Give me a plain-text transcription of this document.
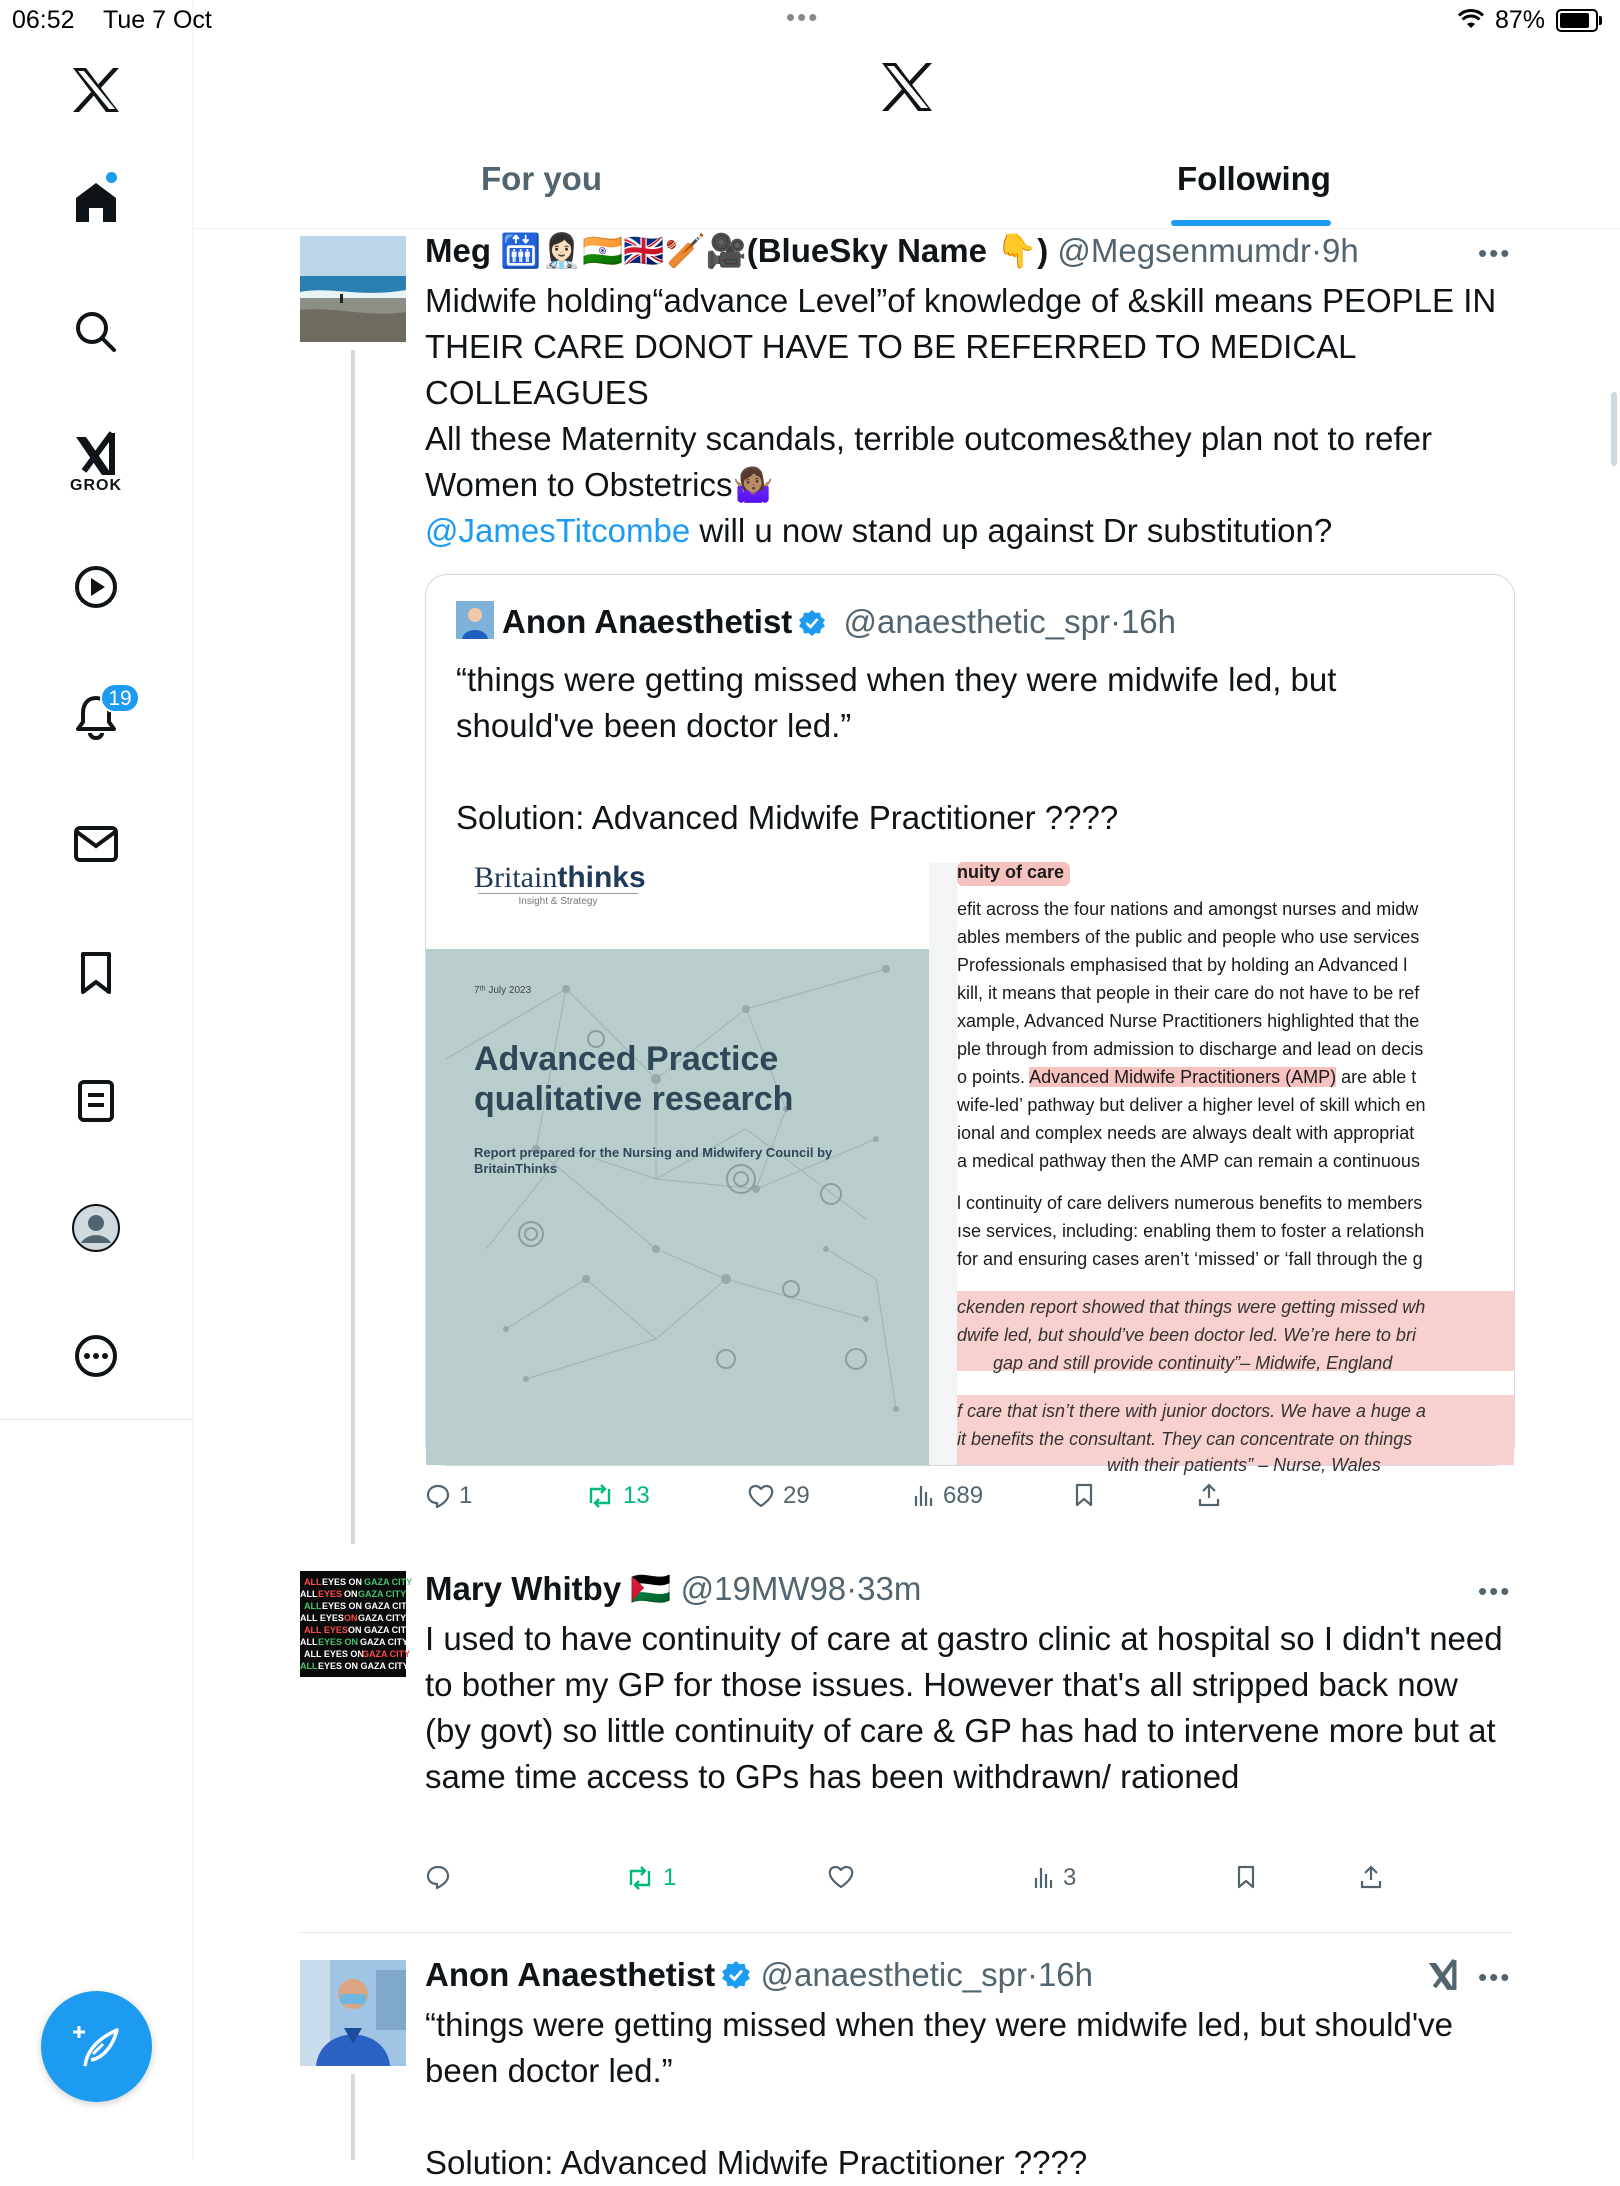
06:52 Tue 7 Oct	•••	87%
GROK
19
For you	Following
Meg 🛗👩🏻‍⚕️🇮🇳🇬🇧🏏🎥(BlueSky Name 👇) @Megsenmumdr·9h	•••

Midwife holding“advance Level”of knowledge of &skill means PEOPLE IN THEIR CARE DONOT HAVE TO BE REFERRED TO MEDICAL COLLEAGUES

All these Maternity scandals, terrible outcomes&they plan not to refer Women to Obstetrics🤷🏽‍♀️

@JamesTitcombe will u now stand up against Dr substitution?

Anon Anaesthetist @anaesthetic_spr·16h

“things were getting missed when they were midwife led, but should've been doctor led.”

Solution: Advanced Midwife Practitioner ????

Britainthinks
Insight & Strategy
7ᵗʰ July 2023
Advanced Practice
qualitative research
Report prepared for the Nursing and Midwifery Council by
BritainThinks
nuity of care
efit across the four nations and amongst nurses and midw
ables members of the public and people who use services
Professionals emphasised that by holding an Advanced l
kill, it means that people in their care do not have to be ref
xample, Advanced Nurse Practitioners highlighted that the
ple through from admission to discharge and lead on decis
o points. Advanced Midwife Practitioners (AMP) are able t
wife-led’ pathway but deliver a higher level of skill which en
ional and complex needs are always dealt with appropriat
a medical pathway then the AMP can remain a continuous
l continuity of care delivers numerous benefits to members
ıse services, including: enabling them to foster a relationsh
for and ensuring cases aren’t ‘missed’ or ‘fall through the g
ckenden report showed that things were getting missed wh
dwife led, but should’ve been doctor led. We’re here to bri
gap and still provide continuity”– Midwife, England
f care that isn’t there with junior doctors. We have a huge a
it benefits the consultant. They can concentrate on things
with their patients” – Nurse, Wales
1	13	29	689
ALL EYES ON GAZA CITY
ALL EYES ON GAZA CITY
ALL EYES ON GAZA CITY
ALL EYES ON GAZA CITY
ALL EYES ON GAZA CITY
ALL EYES ON GAZA CITY
ALL EYES ON
GAZA CITY
ALL EYES ON GAZA CITY
Mary Whitby 🇵🇸 @19MW98·33m	•••
I used to have continuity of care at gastro clinic at hospital so I didn't need to bother my GP for those issues. However that's all stripped back now (by govt) so little continuity of care & GP has had to intervene more but at same time access to GPs has been withdrawn/ rationed
1	3
Anon Anaesthetist @anaesthetic_spr·16h	•••

“things were getting missed when they were midwife led, but should've been doctor led.”

Solution: Advanced Midwife Practitioner ????
